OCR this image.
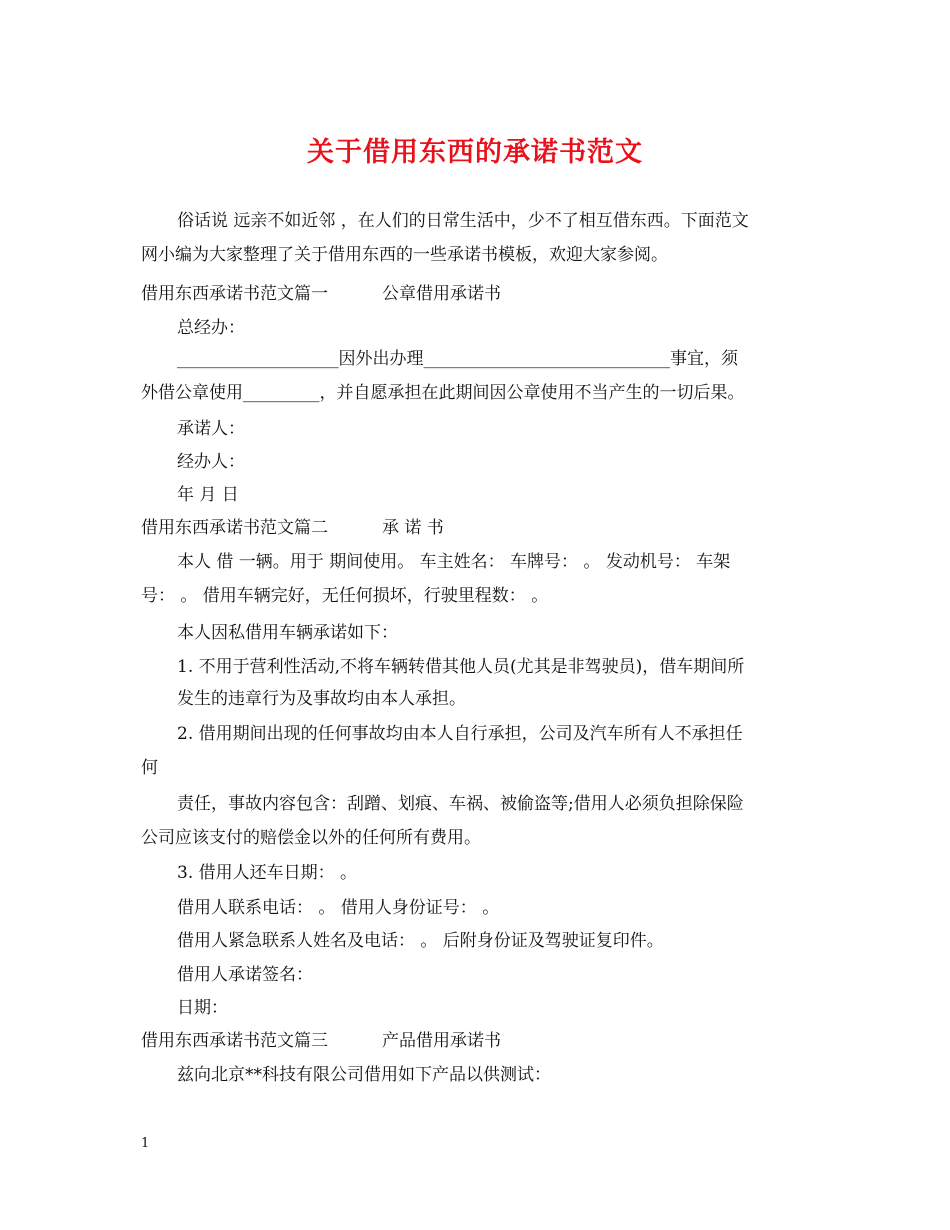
关于借用东西的承诺书范文
俗话说 远亲不如近邻 ，在人们的日常生活中，少不了相互借东西。下面范文
网小编为大家整理了关于借用东西的一些承诺书模板，欢迎大家参阅。
借用东西承诺书范文篇一	公章借用承诺书
总经办：
___________________因外出办理_____________________________事宜，须
外借公章使用_________，并自愿承担在此期间因公章使用不当产生的一切后果。
承诺人：
经办人：
年 月 日
借用东西承诺书范文篇二	承 诺 书
本人 借 一辆。用于 期间使用。 车主姓名： 车牌号： 。 发动机号： 车架
号： 。 借用车辆完好，无任何损坏，行驶里程数： 。
本人因私借用车辆承诺如下：
1. 不用于营利性活动,不将车辆转借其他人员(尤其是非驾驶员)，借车期间所
发生的违章行为及事故均由本人承担。
2. 借用期间出现的任何事故均由本人自行承担，公司及汽车所有人不承担任
何
责任，事故内容包含：刮蹭、划痕、车祸、被偷盗等;借用人必须负担除保险
公司应该支付的赔偿金以外的任何所有费用。
3. 借用人还车日期： 。
借用人联系电话： 。 借用人身份证号： 。
借用人紧急联系人姓名及电话： 。 后附身份证及驾驶证复印件。
借用人承诺签名：
日期：
借用东西承诺书范文篇三	产品借用承诺书
兹向北京**科技有限公司借用如下产品以供测试：
1
